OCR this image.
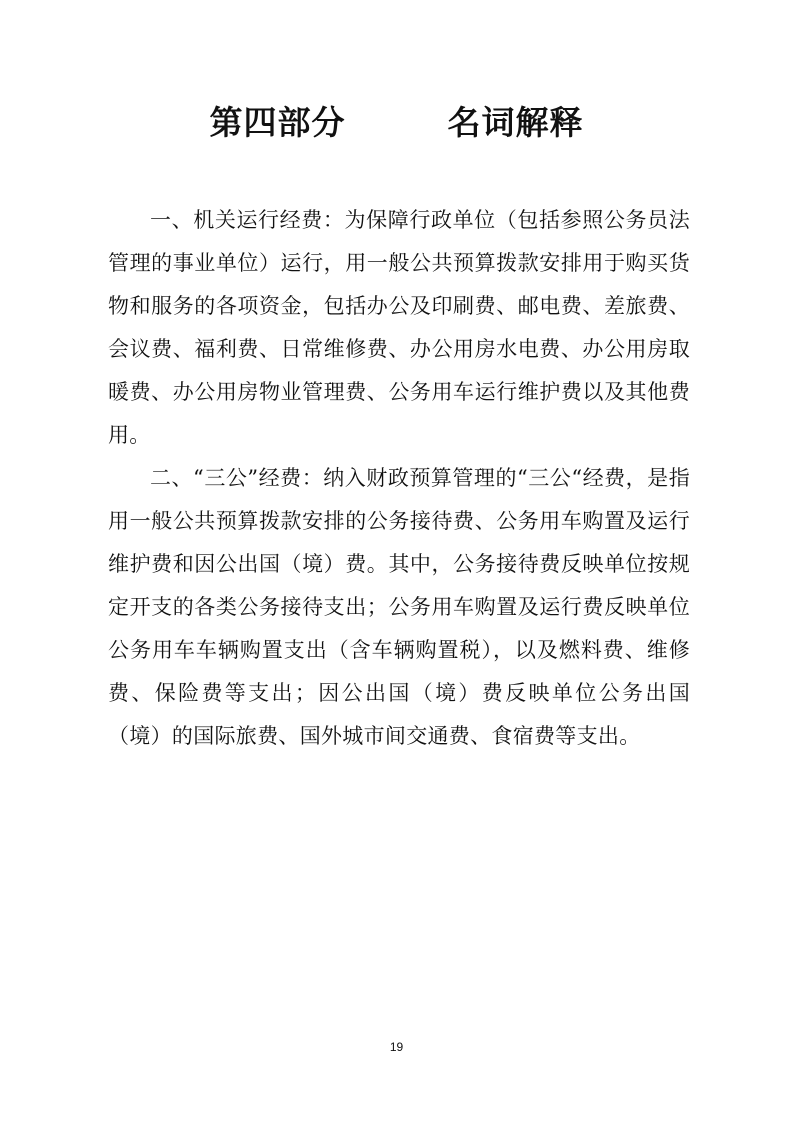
第四部分　　　名词解释

一、机关运行经费：为保障行政单位（包括参照公务员法管理的事业单位）运行，用一般公共预算拨款安排用于购买货物和服务的各项资金，包括办公及印刷费、邮电费、差旅费、会议费、福利费、日常维修费、办公用房水电费、办公用房取暖费、办公用房物业管理费、公务用车运行维护费以及其他费用。

二、“三公”经费：纳入财政预算管理的“三公“经费，是指用一般公共预算拨款安排的公务接待费、公务用车购置及运行维护费和因公出国（境）费。其中，公务接待费反映单位按规定开支的各类公务接待支出；公务用车购置及运行费反映单位公务用车车辆购置支出（含车辆购置税），以及燃料费、维修费、保险费等支出；因公出国（境）费反映单位公务出国（境）的国际旅费、国外城市间交通费、食宿费等支出。

19
